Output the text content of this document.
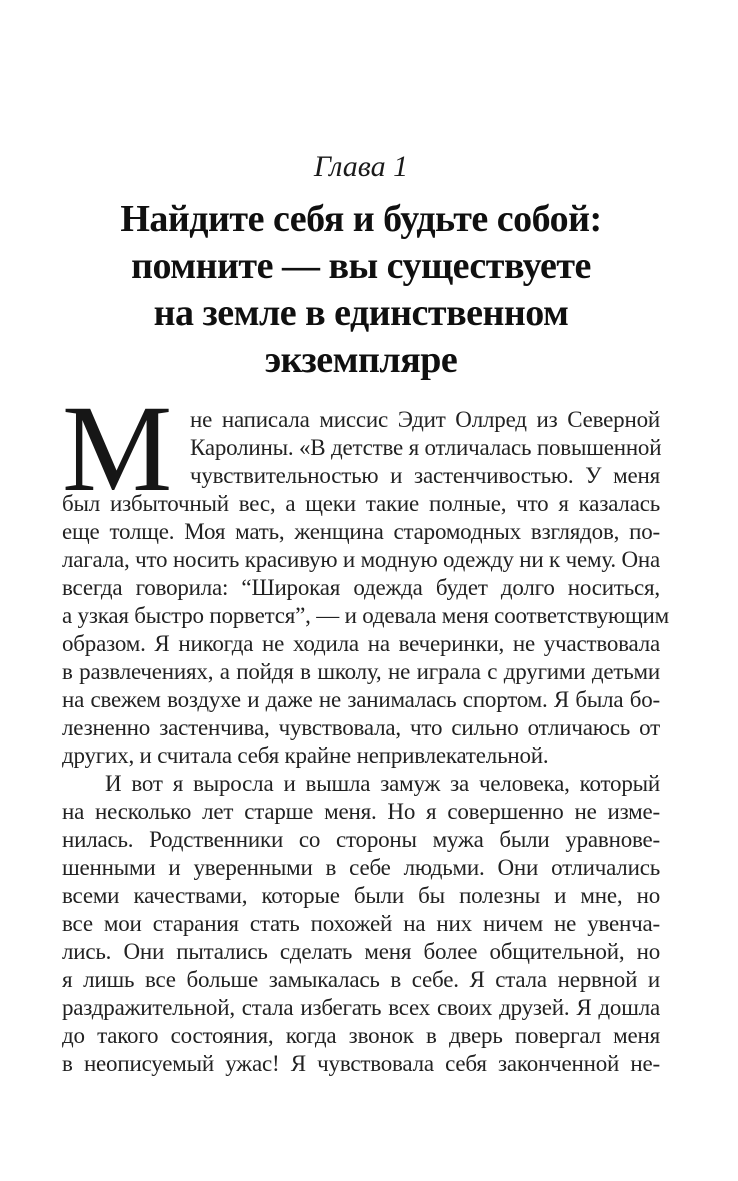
Глава 1
Найдите себя и будьте собой:
помните — вы существуете
на земле в единственном
экземпляре
М не написала миссис Эдит Оллред из Северной
Каролины. «В детстве я отличалась повышенной
чувствительностью и застенчивостью. У меня
был избыточный вес, а щеки такие полные, что я казалась
еще толще. Моя мать, женщина старомодных взглядов, по-
лагала, что носить красивую и модную одежду ни к чему. Она
всегда говорила: “Широкая одежда будет долго носиться,
а узкая быстро порвется”, — и одевала меня соответствующим
образом. Я никогда не ходила на вечеринки, не участвовала
в развлечениях, а пойдя в школу, не играла с другими детьми
на свежем воздухе и даже не занималась спортом. Я была бо-
лезненно застенчива, чувствовала, что сильно отличаюсь от
других, и считала себя крайне непривлекательной.
И вот я выросла и вышла замуж за человека, который
на несколько лет старше меня. Но я совершенно не изме-
нилась. Родственники со стороны мужа были уравнове-
шенными и уверенными в себе людьми. Они отличались
всеми качествами, которые были бы полезны и мне, но
все мои старания стать похожей на них ничем не увенча-
лись. Они пытались сделать меня более общительной, но
я лишь все больше замыкалась в себе. Я стала нервной и
раздражительной, стала избегать всех своих друзей. Я дошла
до такого состояния, когда звонок в дверь повергал меня
в неописуемый ужас! Я чувствовала себя законченной не-
